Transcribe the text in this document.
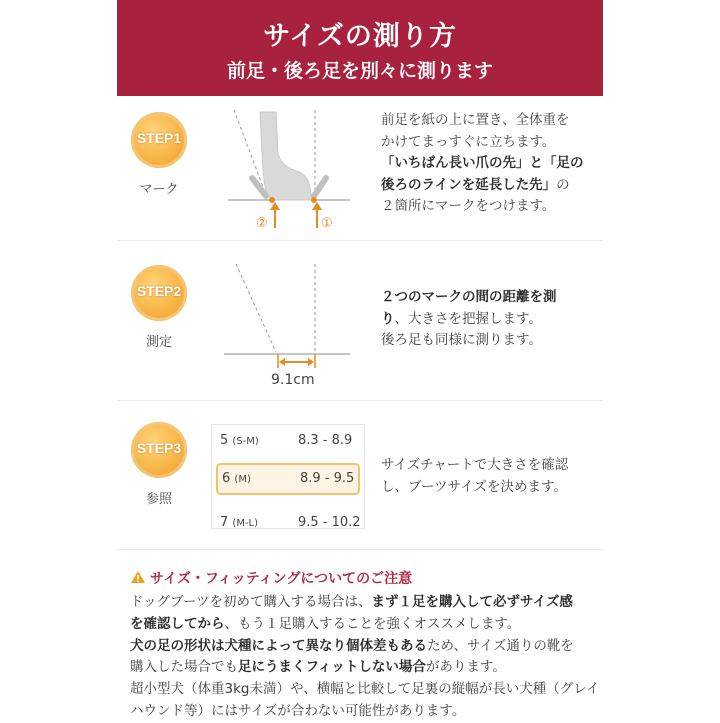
サイズの測り方
前足・後ろ足を別々に測ります
STEP1
マーク
②	①
前足を紙の上に置き、全体重を
かけてまっすぐに立ちます。
「いちばん長い爪の先」と「足の
後ろのラインを延長した先」の
２箇所にマークをつけます。
STEP2
測定
9.1cm
２つのマークの間の距離を測
り、大きさを把握します。
後ろ足も同様に測ります。
STEP3
参照
5 (S-M)	8.3 - 8.9
6 (M)	8.9 - 9.5
7 (M-L)	9.5 - 10.2
サイズチャートで大きさを確認
し、ブーツサイズを決めます。
サイズ・フィッティングについてのご注意
ドッグブーツを初めて購入する場合は、まず１足を購入して必ずサイズ感
を確認してから、もう１足購入することを強くオススメします。
犬の足の形状は犬種によって異なり個体差もあるため、サイズ通りの靴を
購入した場合でも足にうまくフィットしない場合があります。
超小型犬（体重3kg未満）や、横幅と比較して足裏の縦幅が長い犬種（グレイ
ハウンド等）にはサイズが合わない可能性があります。
